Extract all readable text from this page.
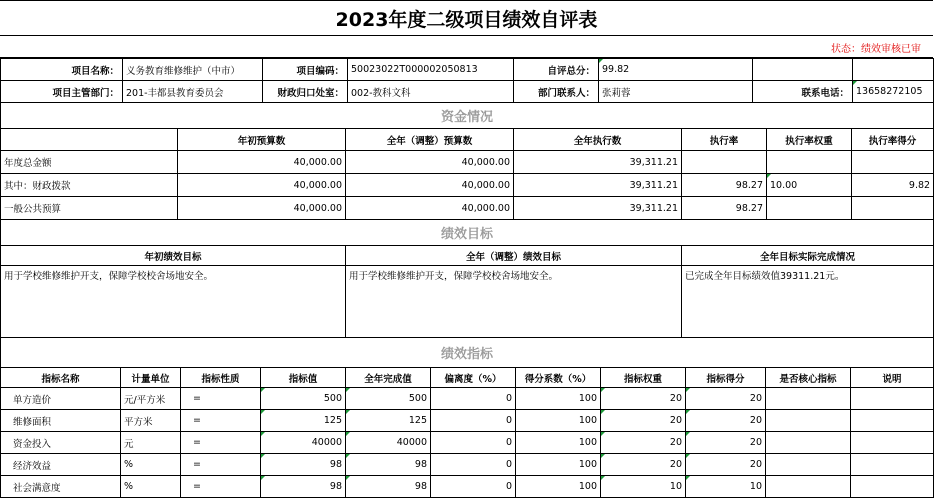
2023年度二级项目绩效自评表
状态：绩效审核已审
项目名称：	义务教育维修维护（中市）	项目编码：	50023022T000002050813	自评总分：	99.82		
项目主管部门：	201-丰都县教育委员会	财政归口处室：	002-教科文科	部门联系人：	张莉蓉	联系电话：	13658272105
资金情况						
	年初预算数	全年（调整）预算数	全年执行数	执行率	执行率权重	执行率得分
年度总金额	40,000.00	40,000.00	39,311.21			
其中：财政拨款	40,000.00	40,000.00	39,311.21	98.27	10.00	9.82
一般公共预算	40,000.00	40,000.00	39,311.21	98.27		
绩效目标		
年初绩效目标	全年（调整）绩效目标	全年目标实际完成情况
用于学校维修维护开支，保障学校校舍场地安全。	用于学校维修维护开支，保障学校校舍场地安全。	已完成全年目标绩效值39311.21元。
绩效指标										
指标名称	计量单位	指标性质	指标值	全年完成值	偏离度（%）	得分系数（%）	指标权重	指标得分	是否核心指标	说明
单方造价	元/平方米	=	500	500	0	100	20	20		
维修面积	平方米	=	125	125	0	100	20	20		
资金投入	元	=	40000	40000	0	100	20	20		
经济效益	%	=	98	98	0	100	20	20		
社会满意度	%	=	98	98	0	100	10	10		
